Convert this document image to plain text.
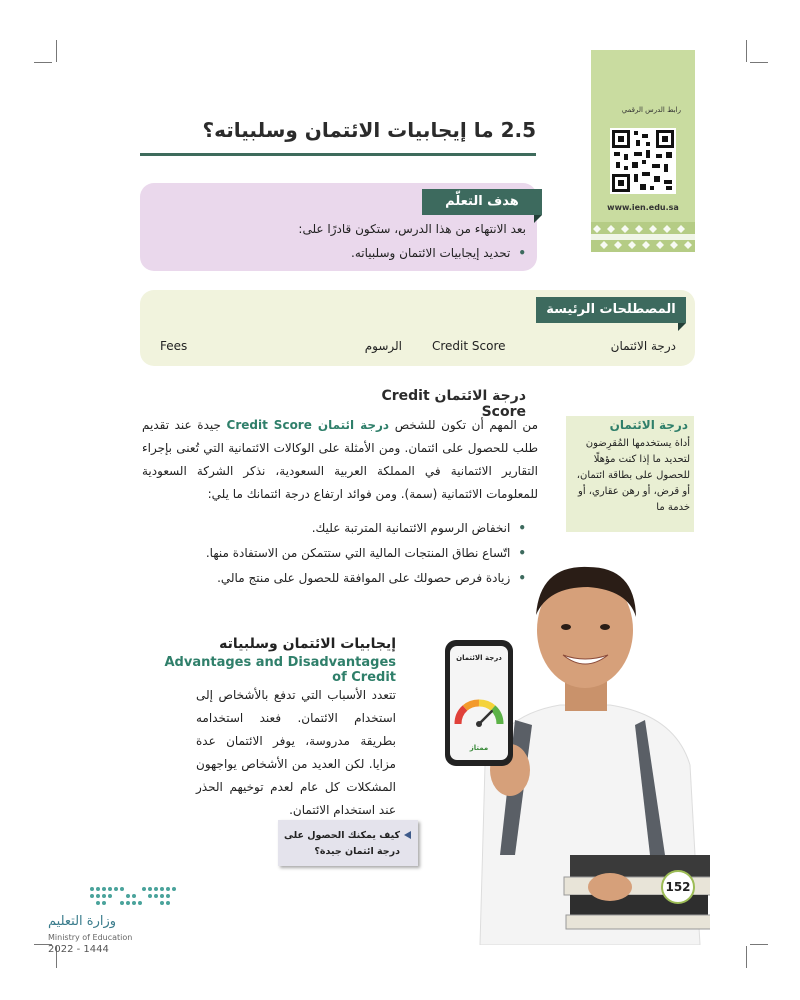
رابط الدرس الرقمي
www.ien.edu.sa
2.5 ما إيجابيات الائتمان وسلبياته؟
هدف التعلّم
بعد الانتهاء من هذا الدرس، ستكون قادرًا على:
•تحديد إيجابيات الائتمان وسلبياته.
المصطلحات الرئيسة
درجة الائتمان
Credit Score
الرسوم
Fees
درجة الائتمان Credit Score
من المهم أن تكون للشخص درجة ائتمان Credit Score جيدة عند تقديم طلب للحصول على ائتمان. ومن الأمثلة على الوكالات الائتمانية التي تُعنى بإجراء التقارير الائتمانية في المملكة العربية السعودية، نذكر الشركة السعودية للمعلومات الائتمانية (سمة). ومن فوائد ارتفاع درجة ائتمانك ما يلي:
•انخفاض الرسوم الائتمانية المترتبة عليك.
•اتّساع نطاق المنتجات المالية التي ستتمكن من الاستفادة منها.
•زيادة فرص حصولك على الموافقة للحصول على منتج مالي.
درجة الائتمان
أداة يستخدمها المُقرِضون لتحديد ما إذا كنت مؤهلًا للحصول على بطاقة ائتمان، أو قرض، أو رهن عقاري، أو خدمة ما
درجة الائتمان
ممتاز
إيجابيات الائتمان وسلبياته
Advantages and Disadvantages of Credit
تتعدد الأسباب التي تدفع بالأشخاص إلى استخدام الائتمان. فعند استخدامه بطريقة مدروسة، يوفر الائتمان عدة مزايا. لكن العديد من الأشخاص يواجهون المشكلات كل عام لعدم توخيهم الحذر عند استخدام الائتمان.
كيف يمكنك الحصول على درجة ائتمان جيدة؟
152
وزارة التعليم
Ministry of Education
2022 - 1444
